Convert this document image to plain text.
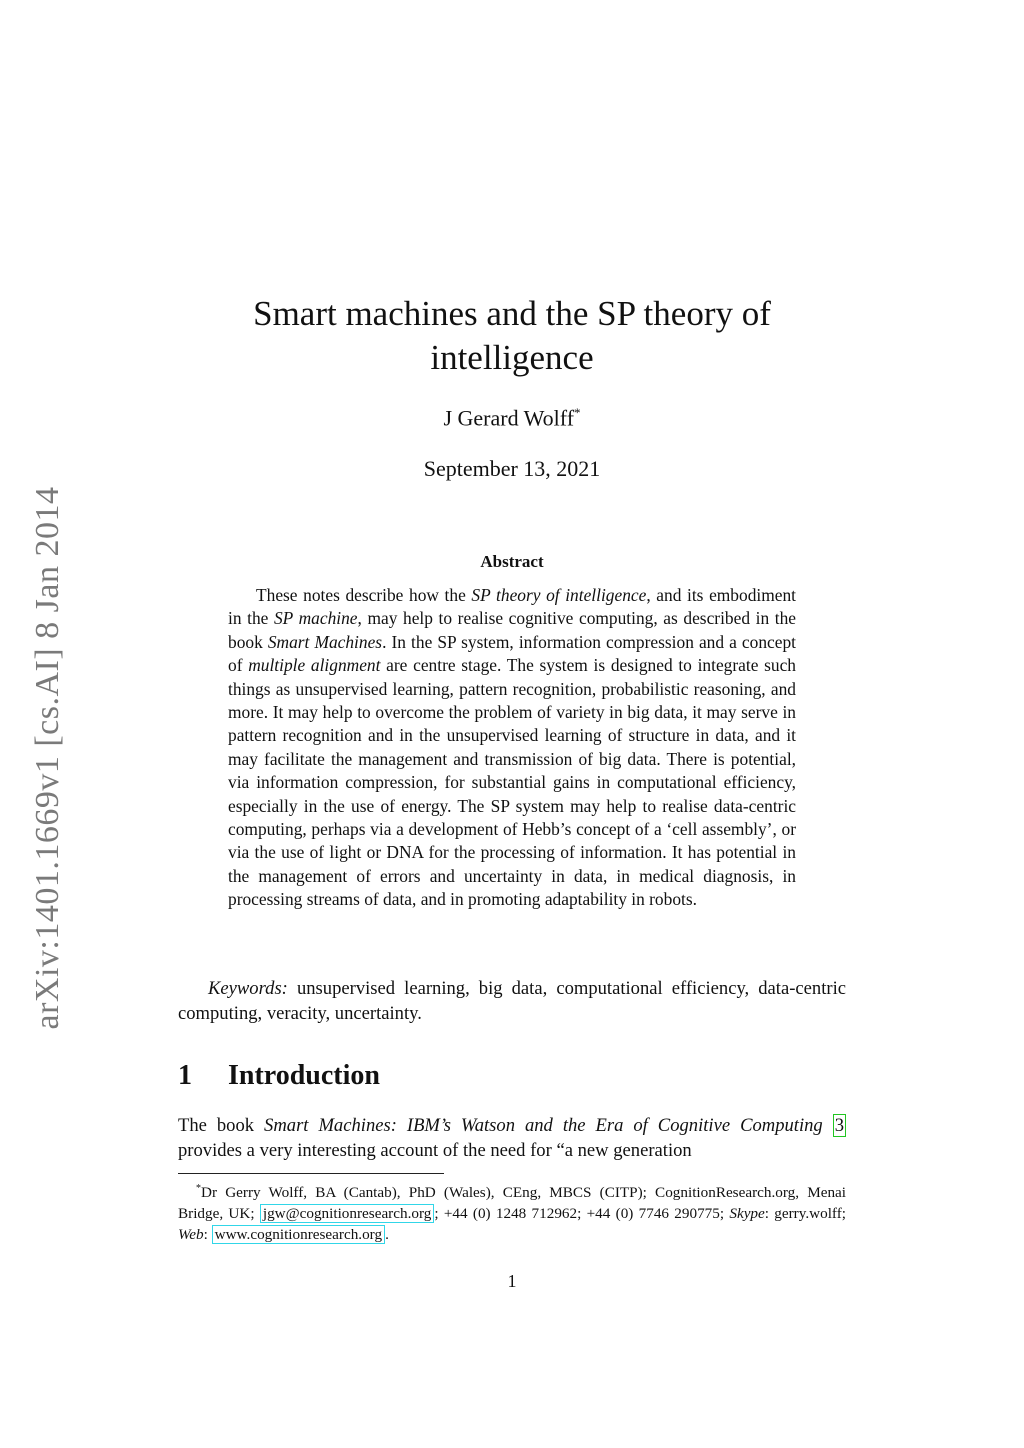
arXiv:1401.1669v1 [cs.AI] 8 Jan 2014
Smart machines and the SP theory of
intelligence
J Gerard Wolff*
September 13, 2021
Abstract

These notes describe how the SP theory of intelligence, and its embodiment in the SP machine, may help to realise cognitive computing, as described in the book Smart Machines. In the SP system, information compression and a concept of multiple alignment are centre stage. The system is designed to integrate such things as unsupervised learning, pattern recognition, probabilistic reasoning, and more. It may help to overcome the problem of variety in big data, it may serve in pattern recognition and in the unsupervised learning of structure in data, and it may facilitate the management and transmission of big data. There is potential, via information compression, for substantial gains in computational efficiency, especially in the use of energy. The SP system may help to realise data-centric computing, perhaps via a development of Hebb’s concept of a ‘cell assembly’, or via the use of light or DNA for the processing of information. It has potential in the management of errors and uncertainty in data, in medical diagnosis, in processing streams of data, and in promoting adaptability in robots.

Keywords: unsupervised learning, big data, computational efficiency, data-centric computing, veracity, uncertainty.

1 Introduction

The book Smart Machines: IBM’s Watson and the Era of Cognitive Computing 3 provides a very interesting account of the need for “a new generation

*Dr Gerry Wolff, BA (Cantab), PhD (Wales), CEng, MBCS (CITP); CognitionResearch.org, Menai Bridge, UK; jgw@cognitionresearch.org ; +44 (0) 1248 712962; +44 (0) 7746 290775; Skype: gerry.wolff; Web: www.cognitionresearch.org .

1
